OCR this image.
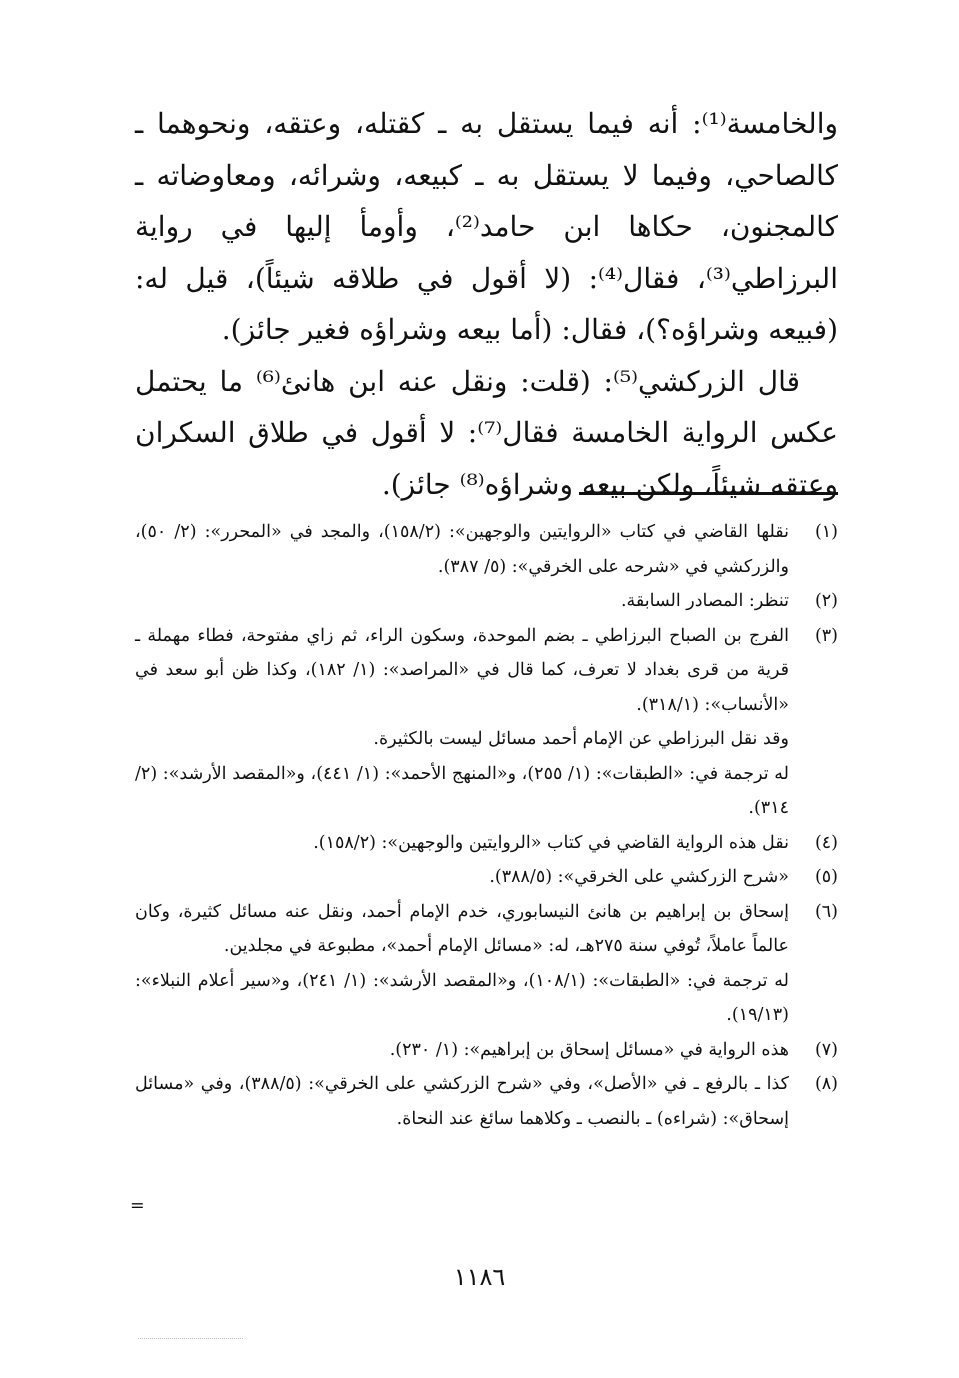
والخامسة⁽¹⁾: أنه فيما يستقل به ـ كقتله، وعتقه، ونحوهما ـ كالصاحي، وفيما لا يستقل به ـ كبيعه، وشرائه، ومعاوضاته ـ كالمجنون، حكاها ابن حامد⁽²⁾، وأومأ إليها في رواية البرزاطي⁽³⁾، فقال⁽⁴⁾: (لا أقول في طلاقه شيئاً)، قيل له: (فبيعه وشراؤه؟)، فقال: (أما بيعه وشراؤه فغير جائز).

قال الزركشي⁽⁵⁾: (قلت: ونقل عنه ابن هانئ⁽⁶⁾ ما يحتمل عكس الرواية الخامسة فقال⁽⁷⁾: لا أقول في طلاق السكران وعتقه شيئاً، ولكن بيعه وشراؤه⁽⁸⁾ جائز).

(١)

نقلها القاضي في كتاب «الروايتين والوجهين»: (١٥٨/٢)، والمجد في «المحرر»: (٢/ ٥٠)، والزركشي في «شرحه على الخرقي»: (٥/ ٣٨٧).

(٢)

تنظر: المصادر السابقة.

(٣)

الفرج بن الصباح البرزاطي ـ بضم الموحدة، وسكون الراء، ثم زاي مفتوحة، فطاء مهملة ـ قرية من قرى بغداد لا تعرف، كما قال في «المراصد»: (١/ ١٨٢)، وكذا ظن أبو سعد في «الأنساب»: (٣١٨/١).

وقد نقل البرزاطي عن الإمام أحمد مسائل ليست بالكثيرة.

له ترجمة في: «الطبقات»: (١/ ٢٥٥)، و«المنهج الأحمد»: (١/ ٤٤١)، و«المقصد الأرشد»: (٢/ ٣١٤).

(٤)

نقل هذه الرواية القاضي في كتاب «الروايتين والوجهين»: (١٥٨/٢).

(٥)

«شرح الزركشي على الخرقي»: (٣٨٨/٥).

(٦)

إسحاق بن إبراهيم بن هانئ النيسابوري، خدم الإمام أحمد، ونقل عنه مسائل كثيرة، وكان عالماً عاملاً، تُوفي سنة ٢٧٥هـ، له: «مسائل الإمام أحمد»، مطبوعة في مجلدين.

له ترجمة في: «الطبقات»: (١٠٨/١)، و«المقصد الأرشد»: (١/ ٢٤١)، و«سير أعلام النبلاء»: (١٩/١٣).

(٧)

هذه الرواية في «مسائل إسحاق بن إبراهيم»: (١/ ٢٣٠).

(٨)

كذا ـ بالرفع ـ في «الأصل»، وفي «شرح الزركشي على الخرقي»: (٣٨٨/٥)، وفي «مسائل إسحاق»: (شراءه) ـ بالنصب ـ وكلاهما سائغ عند النحاة.

=
١١٨٦
